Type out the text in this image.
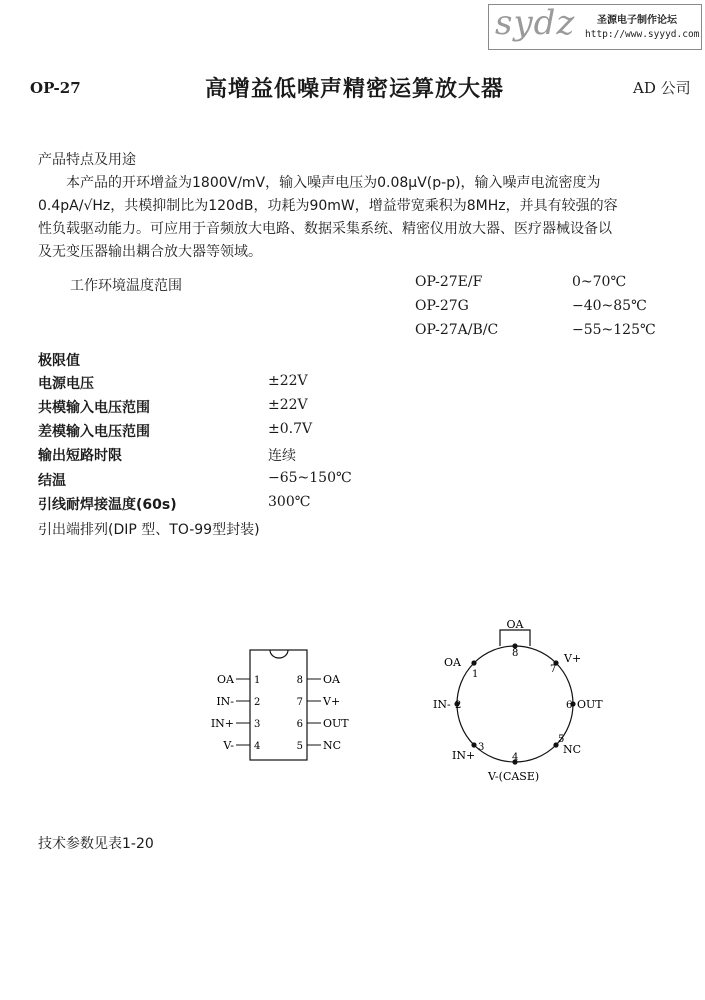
sydz 圣源电子制作论坛
http://www.syyyd.com
OP-27	高增益低噪声精密运算放大器	AD 公司
产品特点及用途

本产品的开环增益为1800V/mV，输入噪声电压为0.08μV(p-p)，输入噪声电流密度为

0.4pA/√Hz，共模抑制比为120dB，功耗为90mW，增益带宽乘积为8MHz，并具有较强的容

性负载驱动能力。可应用于音频放大电路、数据采集系统、精密仪用放大器、医疗器械设备以

及无变压器输出耦合放大器等领域。

工作环境温度范围	OP-27E/F	0~70℃
OP-27G	−40~85℃
OP-27A/B/C	−55~125℃
极限值
电源电压	±22V
共模输入电压范围	±22V
差模输入电压范围	±0.7V
输出短路时限	连续
结温	−65~150℃
引线耐焊接温度(60s)	300℃
引出端排列(DIP 型、TO-99型封装)
OA
IN-
IN+
V-
1
2
3
4
8
7
6
5
OA
V+
OUT
NC
OA
8
1
2
3
4
5
6
7
OA
IN-
IN+
V-(CASE)
NC
OUT
V+
技术参数见表1-20
